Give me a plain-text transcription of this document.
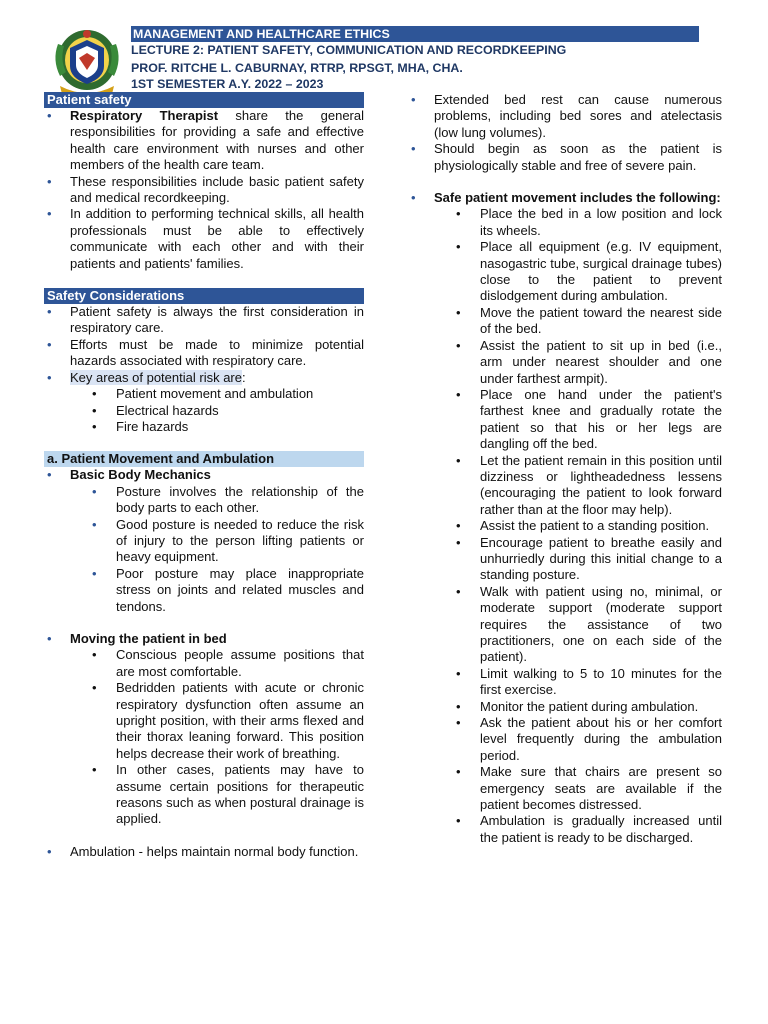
MANAGEMENT AND HEALTHCARE ETHICS
LECTURE 2: PATIENT SAFETY, COMMUNICATION AND RECORDKEEPING
PROF. RITCHE L. CABURNAY, RTRP, RPSGT, MHA, CHA.
1ST SEMESTER A.Y. 2022 – 2023
Patient safety
• Respiratory Therapist share the general responsibilities for providing a safe and effective health care environment with nurses and other members of the health care team.
• These responsibilities include basic patient safety and medical recordkeeping.
• In addition to performing technical skills, all health professionals must be able to effectively communicate with each other and with their patients and patients' families.
Safety Considerations
• Patient safety is always the first consideration in respiratory care.
• Efforts must be made to minimize potential hazards associated with respiratory care.
• Key areas of potential risk are:
• Patient movement and ambulation
• Electrical hazards
• Fire hazards
a. Patient Movement and Ambulation
• Basic Body Mechanics
• Posture involves the relationship of the body parts to each other.
• Good posture is needed to reduce the risk of injury to the person lifting patients or heavy equipment.
• Poor posture may place inappropriate stress on joints and related muscles and tendons.
• Moving the patient in bed
• Conscious people assume positions that are most comfortable.
• Bedridden patients with acute or chronic respiratory dysfunction often assume an upright position, with their arms flexed and their thorax leaning forward. This position helps decrease their work of breathing.
• In other cases, patients may have to assume certain positions for therapeutic reasons such as when postural drainage is applied.
• Ambulation - helps maintain normal body function.
• Extended bed rest can cause numerous problems, including bed sores and atelectasis (low lung volumes).
• Should begin as soon as the patient is physiologically stable and free of severe pain.
• Safe patient movement includes the following:
• Place the bed in a low position and lock its wheels.
• Place all equipment (e.g. IV equipment, nasogastric tube, surgical drainage tubes) close to the patient to prevent dislodgement during ambulation.
• Move the patient toward the nearest side of the bed.
• Assist the patient to sit up in bed (i.e., arm under nearest shoulder and one under farthest armpit).
• Place one hand under the patient's farthest knee and gradually rotate the patient so that his or her legs are dangling off the bed.
• Let the patient remain in this position until dizziness or lightheadedness lessens (encouraging the patient to look forward rather than at the floor may help).
• Assist the patient to a standing position.
• Encourage patient to breathe easily and unhurriedly during this initial change to a standing posture.
• Walk with patient using no, minimal, or moderate support (moderate support requires the assistance of two practitioners, one on each side of the patient).
• Limit walking to 5 to 10 minutes for the first exercise.
• Monitor the patient during ambulation.
• Ask the patient about his or her comfort level frequently during the ambulation period.
• Make sure that chairs are present so emergency seats are available if the patient becomes distressed.
• Ambulation is gradually increased until the patient is ready to be discharged.
